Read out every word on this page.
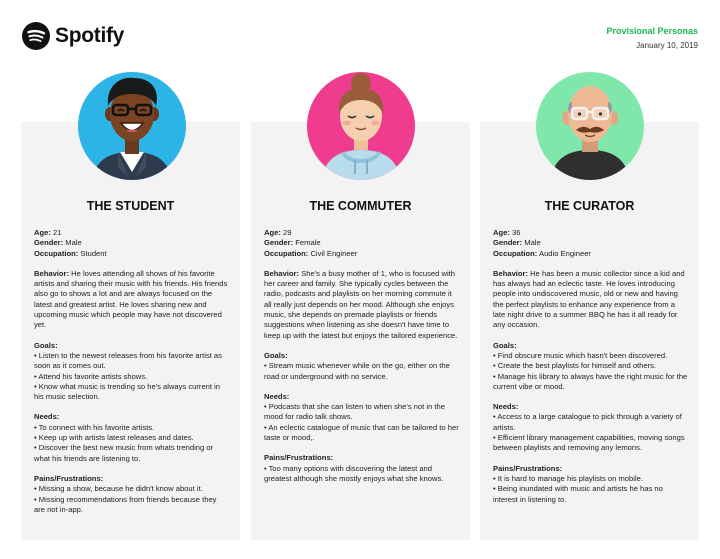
Spotify	Provisional Personas
January 10, 2019
THE STUDENT

Age: 21

Gender: Male

Occupation: Student

Behavior: He loves attending all shows of his favorite artists and sharing their music with his friends. His friends also go to shows a lot and are always focused on the latest and greatest artist. He loves sharing new and upcoming music which people may have not discovered yet.

Goals:

• Listen to the newest releases from his favorite artist as soon as it comes out.
• Attend his favorite artists shows.
• Know what music is trending so he's always current in his music selection.

Needs:

• To connect with his favorite artists.
• Keep up with artists latest releases and dates.
• Discover the best new music from whats trending or what his friends are listening to.

Pains/Frustrations:

• Missing a show, because he didn't know about it.
• Missing recommendations from friends because they are not in-app.

THE COMMUTER

Age: 29

Gender: Female

Occupation: Civil Engineer

Behavior: She's a busy mother of 1, who is focused with her career and family. She typically cycles between the radio, podcasts and playlists on her morning commute it all really just depends on her mood. Although she enjoys music, she depends on premade playlists or friends suggestions when listening as she doesn't have time to keep up with the latest but enjoys the tailored experience.

Goals:

• Stream music whenever while on the go, either on the road or underground with no service.

Needs:

• Podcasts that she can listen to when she's not in the mood for radio talk shows.
• An eclectic catalogue of music that can be tailored to her taste or mood,.

Pains/Frustrations:

• Too many options with discovering the latest and greatest although she mostly enjoys what she knows.

THE CURATOR

Age: 36

Gender: Male

Occupation: Audio Engineer

Behavior: He has been a music collector since a kid and has always had an eclectic taste. He loves introducing people into undiscovered music, old or new and having the perfect playlists to enhance any experience from a late night drive to a summer BBQ he has it all ready for any occasion.

Goals:

• Find obscure music which hasn't been discovered.
• Create the best playlists for himself and others.
• Manage his library to always have the right music for the current vibe or mood.

Needs:

• Access to a large catalogue to pick through a variety of artists.
• Efficient library management capabilities, moving songs between playlists and removing any lemons.

Pains/Frustrations:

• It is hard to manage his playlists on mobile.
• Being inundated with music and artists he has no interest in listening to.
